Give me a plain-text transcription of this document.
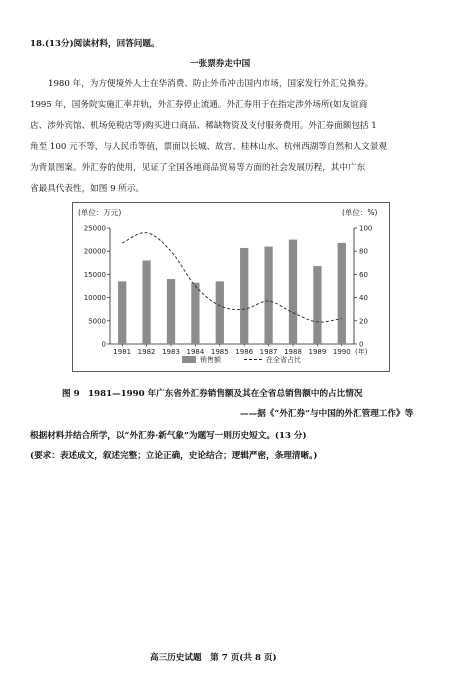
18.(13分)阅读材料，回答问题。
一张票券走中国
1980 年，为方便境外人士在华消费、防止外币冲击国内市场，国家发行外汇兑换券。
1995 年，国务院实施汇率并轨，外汇券停止流通。外汇券用于在指定涉外场所(如友谊商
店、涉外宾馆、机场免税店等)购买进口商品、稀缺物资及支付服务费用。外汇券面额包括 1
角至 100 元不等，与人民币等值，票面以长城、故宫、桂林山水、杭州西湖等自然和人文景观
为背景图案。外汇券的使用，见证了全国各地商品贸易等方面的社会发展历程，其中广东
省最具代表性，如图 9 所示。
(单位：万元)	(单位：%)
0
5000
10000
15000
20000
25000
0
20
40
60
80
100
1981 1982 1983 1984 1985 1986 1987 1988 1989 1990 (年)
销售额	在全省占比
图 9　1981—1990 年广东省外汇券销售额及其在全省总销售额中的占比情况
——据《“外汇券”与中国的外汇管理工作》等
根据材料并结合所学，以“外汇券·新气象”为题写一则历史短文。(13 分)
(要求：表述成文，叙述完整；立论正确，史论结合；逻辑严密，条理清晰。)
高三历史试题　第 7 页(共 8 页)
